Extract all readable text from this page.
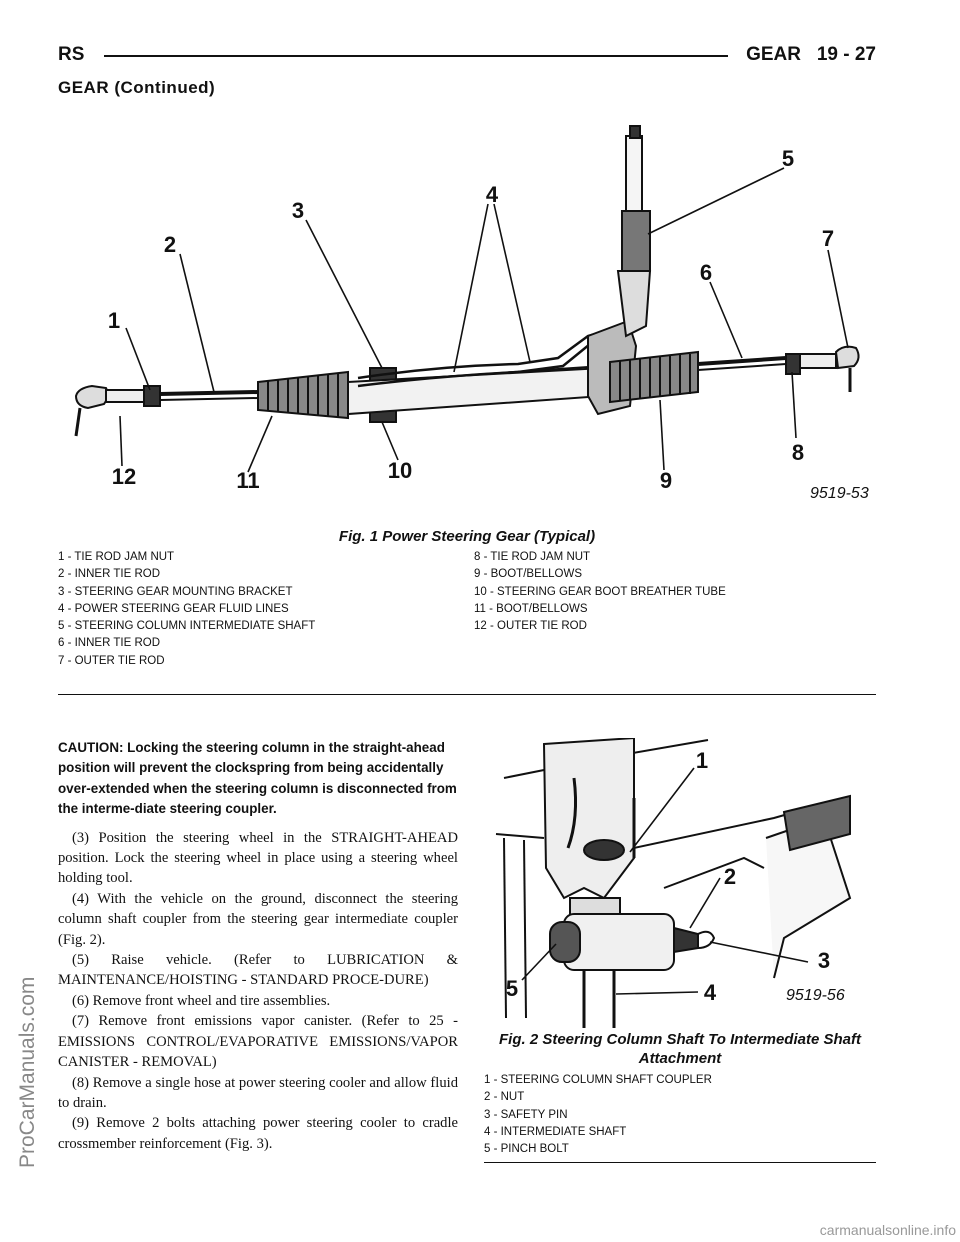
RS	GEAR 19 - 27
GEAR (Continued)
1
2
3
4
5
6
7
8
9
10
11
12
9519-53
Fig. 1 Power Steering Gear (Typical)
1 - TIE ROD JAM NUT
2 - INNER TIE ROD
3 - STEERING GEAR MOUNTING BRACKET
4 - POWER STEERING GEAR FLUID LINES
5 - STEERING COLUMN INTERMEDIATE SHAFT
6 - INNER TIE ROD
7 - OUTER TIE ROD
8 - TIE ROD JAM NUT
9 - BOOT/BELLOWS
10 - STEERING GEAR BOOT BREATHER TUBE
11 - BOOT/BELLOWS
12 - OUTER TIE ROD
CAUTION: Locking the steering column in the straight-ahead position will prevent the clockspring from being accidentally over-extended when the steering column is disconnected from the interme-diate steering coupler.
(3) Position the steering wheel in the STRAIGHT-AHEAD position. Lock the steering wheel in place using a steering wheel holding tool.
(4) With the vehicle on the ground, disconnect the steering column shaft coupler from the steering gear intermediate coupler (Fig. 2).
(5) Raise vehicle. (Refer to LUBRICATION & MAINTENANCE/HOISTING - STANDARD PROCE-DURE)
(6) Remove front wheel and tire assemblies.
(7) Remove front emissions vapor canister. (Refer to 25 - EMISSIONS CONTROL/EVAPORATIVE EMISSIONS/VAPOR CANISTER - REMOVAL)
(8) Remove a single hose at power steering cooler and allow fluid to drain.
(9) Remove 2 bolts attaching power steering cooler to cradle crossmember reinforcement (Fig. 3).
1
2
3
4
5	9519-56
Fig. 2 Steering Column Shaft To Intermediate Shaft Attachment
1 - STEERING COLUMN SHAFT COUPLER
2 - NUT
3 - SAFETY PIN
4 - INTERMEDIATE SHAFT
5 - PINCH BOLT
ProCarManuals.com
carmanualsonline.info
